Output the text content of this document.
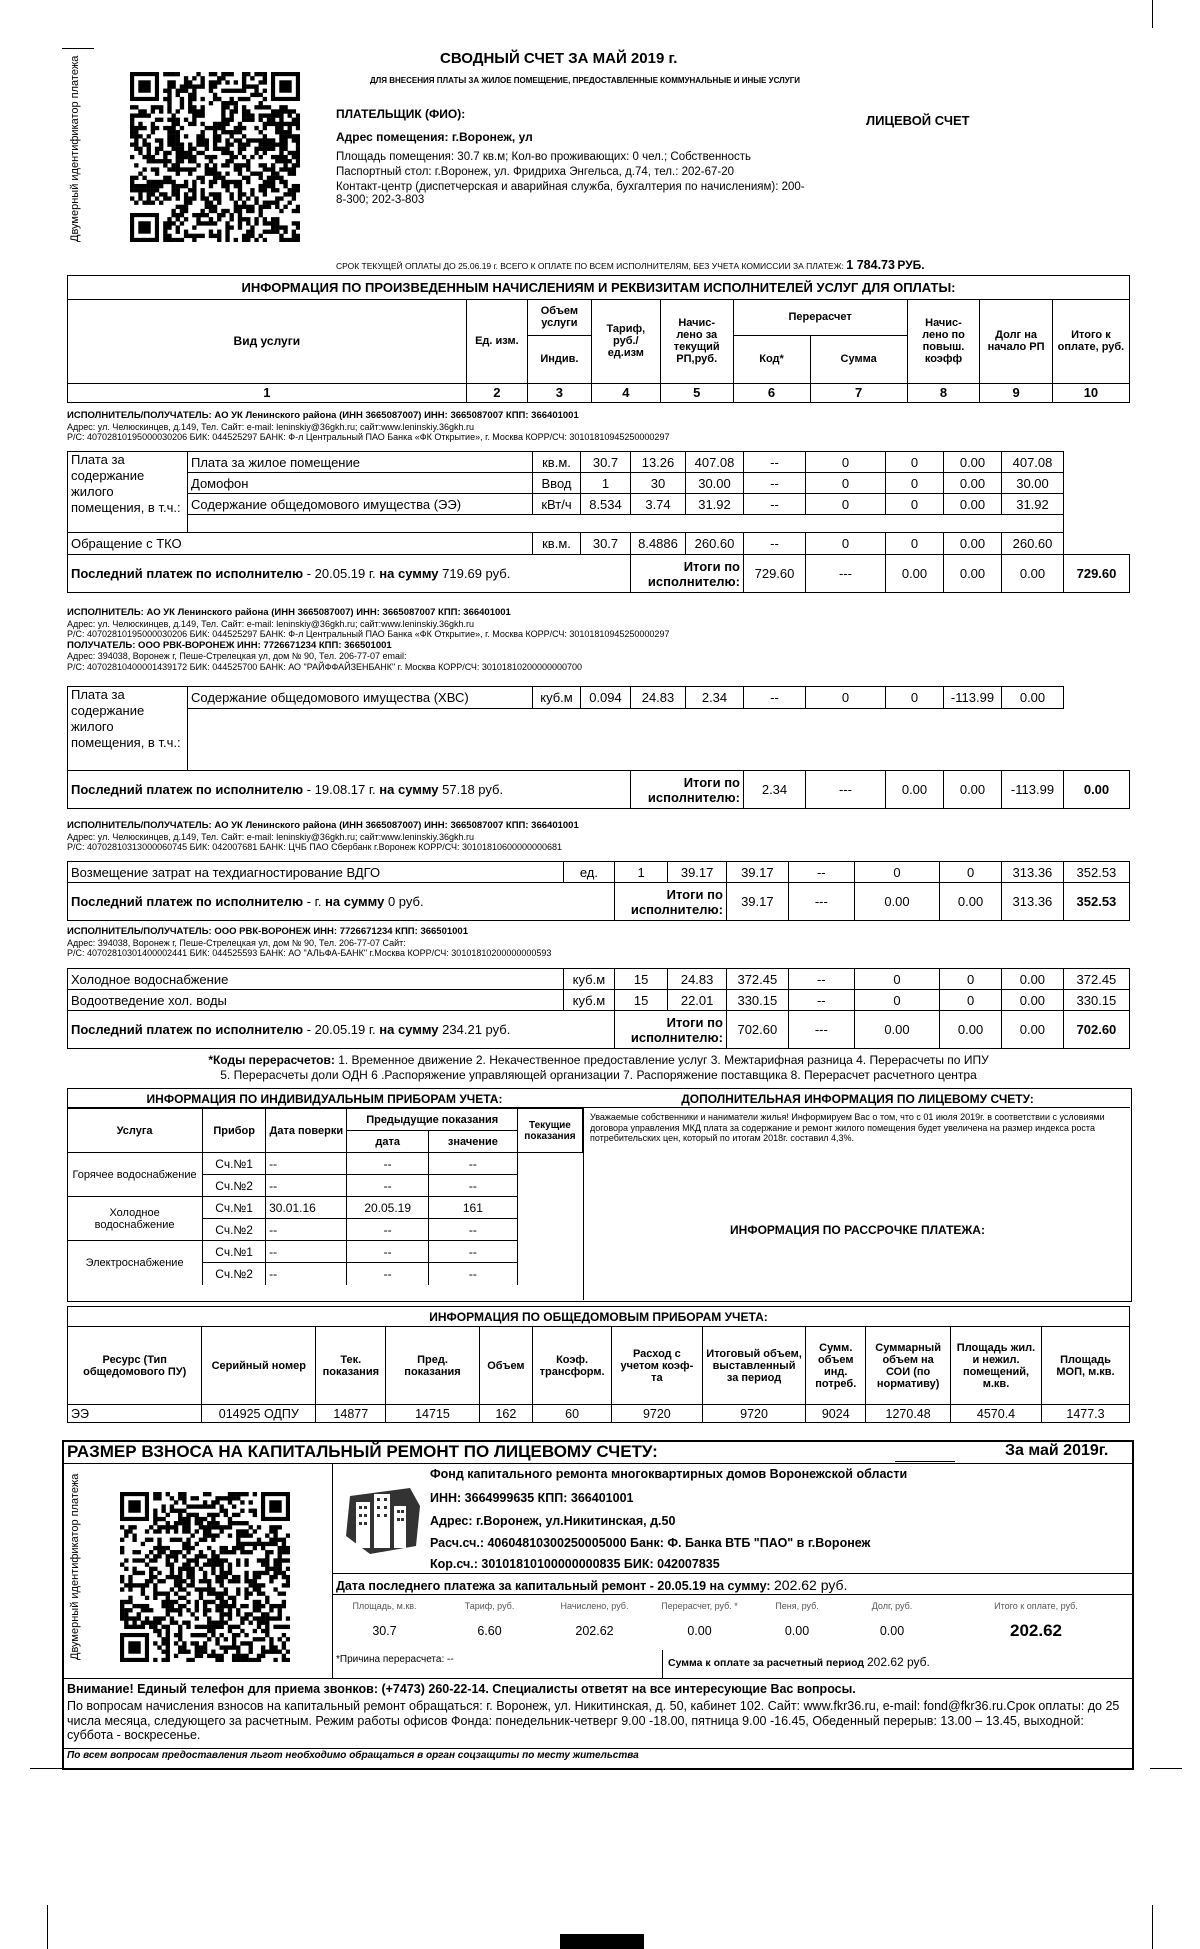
Двумерный идентификатор платежа	СВОДНЫЙ СЧЕТ ЗА МАЙ 2019 г.
ДЛЯ ВНЕСЕНИЯ ПЛАТЫ ЗА ЖИЛОЕ ПОМЕЩЕНИЕ, ПРЕДОСТАВЛЕННЫЕ КОММУНАЛЬНЫЕ И ИНЫЕ УСЛУГИ
ПЛАТЕЛЬЩИК (ФИО):	ЛИЦЕВОЙ СЧЕТ
Адрес помещения: г.Воронеж, ул
Площадь помещения: 30.7 кв.м; Кол-во проживающих: 0 чел.; Собственность
Паспортный стол: г.Воронеж, ул. Фридриха Энгельса, д.74, тел.: 202-67-20
Контакт-центр (диспетчерская и аварийная служба, бухгалтерия по начислениям): 200-8-300; 202-3-803
СРОК ТЕКУЩЕЙ ОПЛАТЫ ДО 25.06.19 г. ВСЕГО К ОПЛАТЕ ПО ВСЕМ ИСПОЛНИТЕЛЯМ, БЕЗ УЧЕТА КОМИССИИ ЗА ПЛАТЕЖ: 1 784.73 РУБ.
ИНФОРМАЦИЯ ПО ПРОИЗВЕДЕННЫМ НАЧИСЛЕНИЯМ И РЕКВИЗИТАМ ИСПОЛНИТЕЛЕЙ УСЛУГ ДЛЯ ОПЛАТЫ:									
Вид услуги	Ед. изм.	Объем услуги	Тариф, руб./ ед.изм	Начис- лено за текущий РП,руб.	Перерасчет		Начис- лено по повыш. коэфф	Долг на начало РП	Итого к оплате, руб.
		Индив.			Код*	Сумма			
1	2	3	4	5	6	7	8	9	10
ИСПОЛНИТЕЛЬ/ПОЛУЧАТЕЛЬ: АО УК Ленинского района (ИНН 3665087007) ИНН: 3665087007 КПП: 366401001
Адрес: ул. Челюскинцев, д.149, Тел. Сайт: e-mail: leninskiy@36gkh.ru; сайт:www.leninskiy.36gkh.ru
Р/С: 40702810195000030206 БИК: 044525297 БАНК: Ф-л Центральный ПАО Банка «ФК Открытие», г. Москва КОРР/СЧ: 30101810945250000297
Плата за содержание жилого помещения, в т.ч.:	Плата за жилое помещение	кв.м.	30.7	13.26	407.08	--	0	0	0.00	407.08	
	Домофон	Ввод	1	30	30.00	--	0	0	0.00	30.00	
	Содержание общедомового имущества (ЭЭ)	кВт/ч	8.534	3.74	31.92	--	0	0	0.00	31.92	

Обращение с ТКО		кв.м.	30.7	8.4886	260.60	--	0	0	0.00	260.60	
Последний платеж по исполнителю - 20.05.19 г. на сумму 719.69 руб.				Итоги по исполнителю:		729.60	---	0.00	0.00	0.00	729.60
ИСПОЛНИТЕЛЬ: АО УК Ленинского района (ИНН 3665087007) ИНН: 3665087007 КПП: 366401001
Адрес: ул. Челюскинцев, д.149, Тел. Сайт: e-mail: leninskiy@36gkh.ru; сайт:www.leninskiy.36gkh.ru
Р/С: 40702810195000030206 БИК: 044525297 БАНК: Ф-л Центральный ПАО Банка «ФК Открытие», г. Москва КОРР/СЧ: 30101810945250000297
ПОЛУЧАТЕЛЬ: ООО РВК-ВОРОНЕЖ ИНН: 7726671234 КПП: 366501001
Адрес: 394038, Воронеж г, Пеше-Стрелецкая ул, дом № 90, Тел. 206-77-07 email:
Р/С: 40702810400001439172 БИК: 044525700 БАНК: АО "РАЙФФАЙЗЕНБАНК" г. Москва КОРР/СЧ: 30101810200000000700
Плата за содержание жилого помещения, в т.ч.:	Содержание общедомового имущества (ХВС)	куб.м	0.094	24.83	2.34	--	0	0	-113.99	0.00	

Последний платеж по исполнителю - 19.08.17 г. на сумму 57.18 руб.				Итоги по исполнителю:		2.34	---	0.00	0.00	-113.99	0.00
ИСПОЛНИТЕЛЬ/ПОЛУЧАТЕЛЬ: АО УК Ленинского района (ИНН 3665087007) ИНН: 3665087007 КПП: 366401001
Адрес: ул. Челюскинцев, д.149, Тел. Сайт: e-mail: leninskiy@36gkh.ru; сайт:www.leninskiy.36gkh.ru
Р/С: 40702810313000060745 БИК: 042007681 БАНК: ЦЧБ ПАО Сбербанк г.Воронеж КОРР/СЧ: 30101810600000000681
Возмещение затрат на техдиагностирование ВДГО	ед.	1	39.17	39.17	--	0	0	313.36	352.53
Последний платеж по исполнителю - г. на сумму 0 руб.		Итоги по исполнителю:		39.17	---	0.00	0.00	313.36	352.53
ИСПОЛНИТЕЛЬ/ПОЛУЧАТЕЛЬ: ООО РВК-ВОРОНЕЖ ИНН: 7726671234 КПП: 366501001
Адрес: 394038, Воронеж г, Пеше-Стрелецкая ул, дом № 90, Тел. 206-77-07 Сайт:
Р/С: 40702810301400002441 БИК: 044525593 БАНК: АО "АЛЬФА-БАНК" г.Москва КОРР/СЧ: 30101810200000000593
Холодное водоснабжение	куб.м	15	24.83	372.45	--	0	0	0.00	372.45
Водоотведение хол. воды	куб.м	15	22.01	330.15	--	0	0	0.00	330.15
Последний платеж по исполнителю - 20.05.19 г. на сумму 234.21 руб.		Итоги по исполнителю:		702.60	---	0.00	0.00	0.00	702.60
*Коды перерасчетов: 1. Временное движение 2. Некачественное предоставление услуг 3. Межтарифная разница 4. Перерасчеты по ИПУ
5. Перерасчеты доли ОДН 6 .Распоряжение управляющей организации 7. Распоряжение поставщика 8. Перерасчет расчетного центра
ИНФОРМАЦИЯ ПО ИНДИВИДУАЛЬНЫМ ПРИБОРАМ УЧЕТА:	ДОПОЛНИТЕЛЬНАЯ ИНФОРМАЦИЯ ПО ЛИЦЕВОМУ СЧЕТУ:
Услуга	Прибор	Дата поверки	Предыдущие показания		Текущие показания
			дата	значение	
Горячее водоснабжение	Сч.№1	--	--	--	
	Сч.№2	--	--	--	
Холодное водоснабжение	Сч.№1	30.01.16	20.05.19	161	
	Сч.№2	--	--	--	
Электроснабжение	Сч.№1	--	--	--	
	Сч.№2	--	--	--	
Уважаемые собственники и наниматели жилья! Информируем Вас о том, что с 01 июля 2019г. в соответствии с условиями договора управления МКД плата за содержание и ремонт жилого помещения будет увеличена на размер индекса роста потребительских цен, который по итогам 2018г. составил 4,3%.
ИНФОРМАЦИЯ ПО РАССРОЧКЕ ПЛАТЕЖА:
ИНФОРМАЦИЯ ПО ОБЩЕДОМОВЫМ ПРИБОРАМ УЧЕТА:											
Ресурс (Тип общедомового ПУ)	Серийный номер	Тек. показания	Пред. показания	Объем	Коэф. трансформ.	Расход с учетом коэф-та	Итоговый объем, выставленный за период	Сумм. объем инд. потреб.	Суммарный объем на СОИ (по нормативу)	Площадь жил. и нежил. помещений, м.кв.	Площадь МОП, м.кв.
ЭЭ	014925 ОДПУ	14877	14715	162	60	9720	9720	9024	1270.48	4570.4	1477.3
РАЗМЕР ВЗНОСА НА КАПИТАЛЬНЫЙ РЕМОНТ ПО ЛИЦЕВОМУ СЧЕТУ:	За май 2019г.
Двумерный идентификатор платежа	Фонд капитального ремонта многоквартирных домов Воронежской области
ИНН: 3664999635 КПП: 366401001
Адрес: г.Воронеж, ул.Никитинская, д.50
Расч.сч.: 40604810300250005000 Банк: Ф. Банка ВТБ "ПАО" в г.Воронеж
Кор.сч.: 30101810100000000835 БИК: 042007835
Дата последнего платежа за капитальный ремонт - 20.05.19 на сумму: 202.62 руб.
Площадь, м.кв.	Тариф, руб.	Начислено, руб.	Перерасчет, руб. *	Пеня, руб.	Долг, руб.	Итого к оплате, руб.
30.7	6.60	202.62	0.00	0.00	0.00	202.62
*Причина перерасчета: --	Сумма к оплате за расчетный период 202.62 руб.
Внимание! Единый телефон для приема звонков: (+7473) 260-22-14. Специалисты ответят на все интересующие Вас вопросы.
По вопросам начисления взносов на капитальный ремонт обращаться: г. Воронеж, ул. Никитинская, д. 50, кабинет 102. Сайт: www.fkr36.ru, e-mail: fond@fkr36.ru.Срок оплаты: до 25 числа месяца, следующего за расчетным. Режим работы офисов Фонда: понедельник-четверг 9.00 -18.00, пятница 9.00 -16.45, Обеденный перерыв: 13.00 – 13.45, выходной: суббота - воскресенье.
По всем вопросам предоставления льгот необходимо обращаться в орган соцзащиты по месту жительства
